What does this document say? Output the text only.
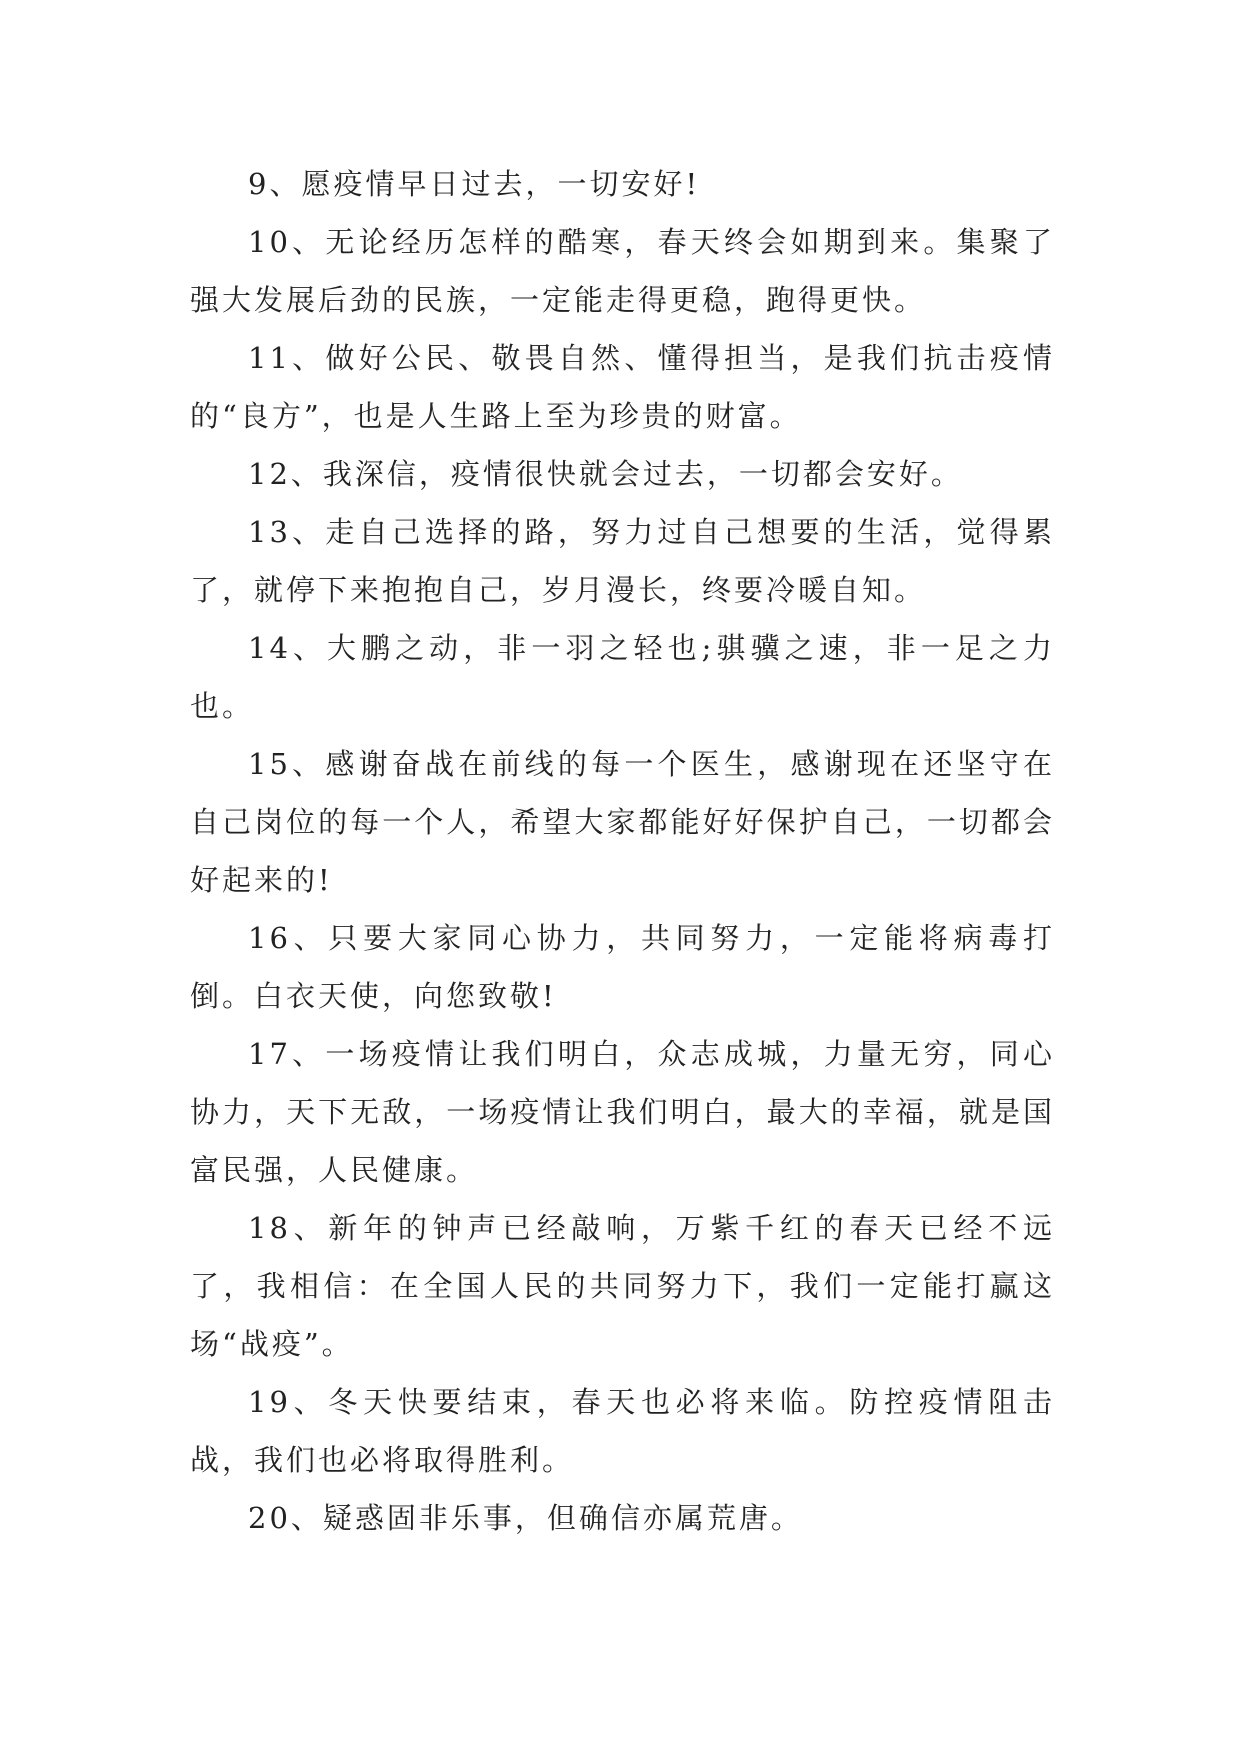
9、愿疫情早日过去，一切安好!

10、无论经历怎样的酷寒，春天终会如期到来。集聚了强大发展后劲的民族，一定能走得更稳，跑得更快。

11、做好公民、敬畏自然、懂得担当，是我们抗击疫情的“良方”，也是人生路上至为珍贵的财富。

12、我深信，疫情很快就会过去，一切都会安好。

13、走自己选择的路，努力过自己想要的生活，觉得累了，就停下来抱抱自己，岁月漫长，终要冷暖自知。

14、大鹏之动，非一羽之轻也;骐骥之速，非一足之力也。

15、感谢奋战在前线的每一个医生，感谢现在还坚守在自己岗位的每一个人，希望大家都能好好保护自己，一切都会好起来的!

16、只要大家同心协力，共同努力，一定能将病毒打倒。白衣天使，向您致敬!

17、一场疫情让我们明白，众志成城，力量无穷，同心协力，天下无敌，一场疫情让我们明白，最大的幸福，就是国富民强，人民健康。

18、新年的钟声已经敲响，万紫千红的春天已经不远了，我相信：在全国人民的共同努力下，我们一定能打赢这场“战疫”。

19、冬天快要结束，春天也必将来临。防控疫情阻击战，我们也必将取得胜利。

20、疑惑固非乐事，但确信亦属荒唐。
